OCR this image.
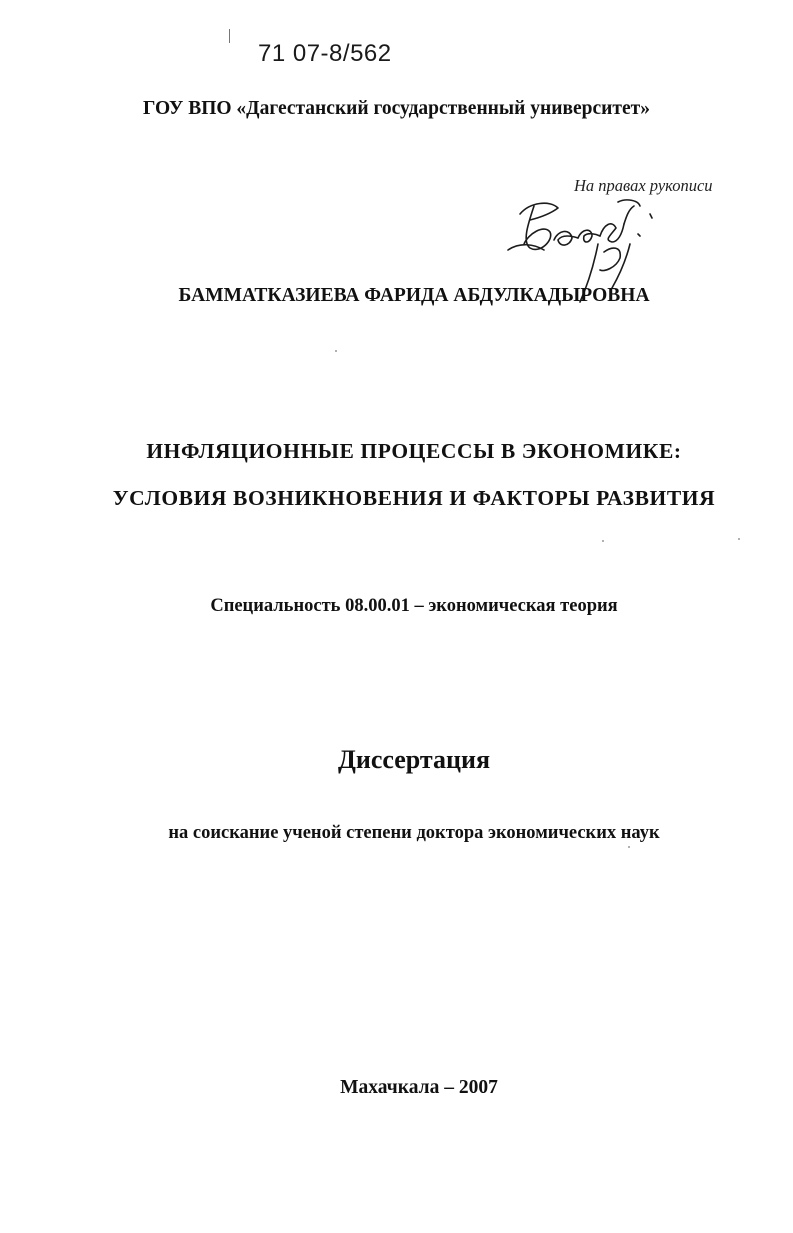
71 07-8/562
ГОУ ВПО «Дагестанский государственный университет»
На правах рукописи
БАММАТКАЗИЕВА ФАРИДА АБДУЛКАДЫРОВНА
ИНФЛЯЦИОННЫЕ ПРОЦЕССЫ В ЭКОНОМИКЕ:
УСЛОВИЯ ВОЗНИКНОВЕНИЯ И ФАКТОРЫ РАЗВИТИЯ
Специальность 08.00.01 – экономическая теория
Диссертация
на соискание ученой степени доктора экономических наук
Махачкала – 2007
